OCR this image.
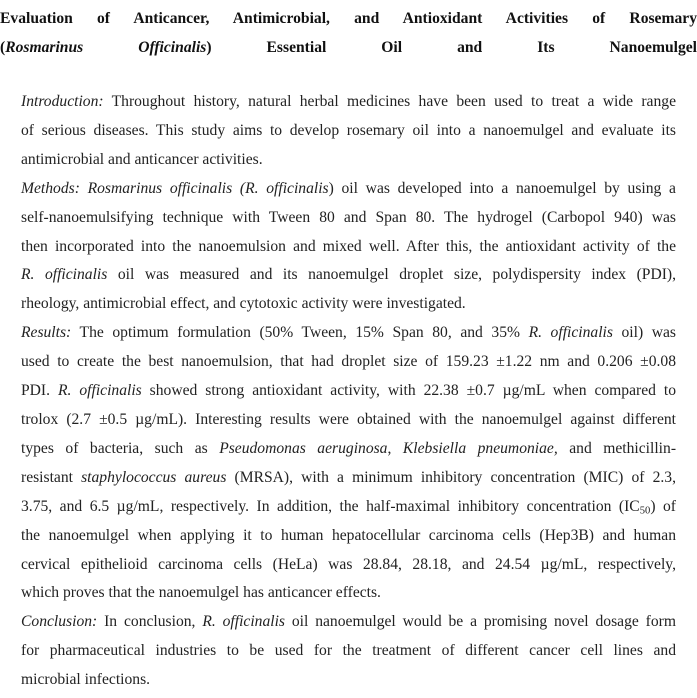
Evaluation of Anticancer, Antimicrobial, and Antioxidant Activities of Rosemary
(Rosmarinus Officinalis) Essential Oil and Its Nanoemulgel
Introduction: Throughout history, natural herbal medicines have been used to treat a wide range
of serious diseases. This study aims to develop rosemary oil into a nanoemulgel and evaluate its
antimicrobial and anticancer activities.
Methods: Rosmarinus officinalis (R. officinalis) oil was developed into a nanoemulgel by using a
self-nanoemulsifying technique with Tween 80 and Span 80. The hydrogel (Carbopol 940) was
then incorporated into the nanoemulsion and mixed well. After this, the antioxidant activity of the
R. officinalis oil was measured and its nanoemulgel droplet size, polydispersity index (PDI),
rheology, antimicrobial effect, and cytotoxic activity were investigated.
Results: The optimum formulation (50% Tween, 15% Span 80, and 35% R. officinalis oil) was
used to create the best nanoemulsion, that had droplet size of 159.23 ±1.22 nm and 0.206 ±0.08
PDI. R. officinalis showed strong antioxidant activity, with 22.38 ±0.7 µg/mL when compared to
trolox (2.7 ±0.5 µg/mL). Interesting results were obtained with the nanoemulgel against different
types of bacteria, such as Pseudomonas aeruginosa, Klebsiella pneumoniae, and methicillin-
resistant staphylococcus aureus (MRSA), with a minimum inhibitory concentration (MIC) of 2.3,
3.75, and 6.5 µg/mL, respectively. In addition, the half-maximal inhibitory concentration $(IC_{50})$ of
the nanoemulgel when applying it to human hepatocellular carcinoma cells (Hep3B) and human
cervical epithelioid carcinoma cells (HeLa) was 28.84, 28.18, and 24.54 µg/mL, respectively,
which proves that the nanoemulgel has anticancer effects.
Conclusion: In conclusion, R. officinalis oil nanoemulgel would be a promising novel dosage form
for pharmaceutical industries to be used for the treatment of different cancer cell lines and
microbial infections.
